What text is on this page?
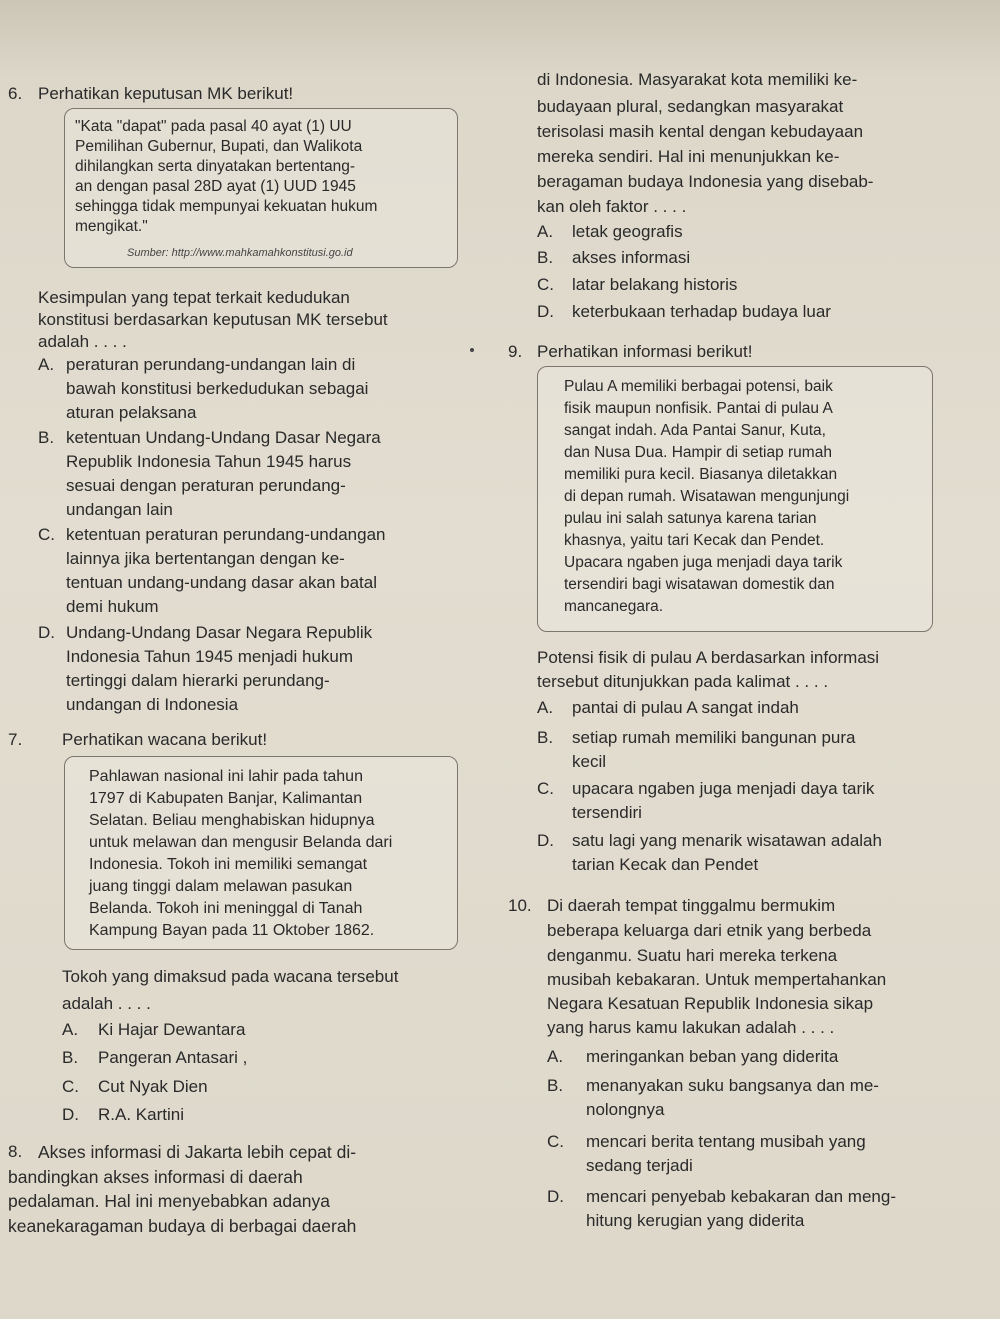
6. Perhatikan keputusan MK berikut!
"Kata "dapat" pada pasal 40 ayat (1) UU
Pemilihan Gubernur, Bupati, dan Walikota
dihilangkan serta dinyatakan bertentang-
an dengan pasal 28D ayat (1) UUD 1945
sehingga tidak mempunyai kekuatan hukum
mengikat."
Sumber: http://www.mahkamahkonstitusi.go.id
Kesimpulan yang tepat terkait kedudukan
konstitusi berdasarkan keputusan MK tersebut
adalah . . . .
A. peraturan perundang-undangan lain di
bawah konstitusi berkedudukan sebagai
aturan pelaksana
B. ketentuan Undang-Undang Dasar Negara
Republik Indonesia Tahun 1945 harus
sesuai dengan peraturan perundang-
undangan lain
C. ketentuan peraturan perundang-undangan
lainnya jika bertentangan dengan ke-
tentuan undang-undang dasar akan batal
demi hukum
D. Undang-Undang Dasar Negara Republik
Indonesia Tahun 1945 menjadi hukum
tertinggi dalam hierarki perundang-
undangan di Indonesia
7. Perhatikan wacana berikut!
Pahlawan nasional ini lahir pada tahun
1797 di Kabupaten Banjar, Kalimantan
Selatan. Beliau menghabiskan hidupnya
untuk melawan dan mengusir Belanda dari
Indonesia. Tokoh ini memiliki semangat
juang tinggi dalam melawan pasukan
Belanda. Tokoh ini meninggal di Tanah
Kampung Bayan pada 11 Oktober 1862.
Tokoh yang dimaksud pada wacana tersebut
adalah . . . .
A. Ki Hajar Dewantara
B. Pangeran Antasari ,
C. Cut Nyak Dien
D. R.A. Kartini
8. Akses informasi di Jakarta lebih cepat di-
bandingkan akses informasi di daerah
pedalaman. Hal ini menyebabkan adanya
keanekaragaman budaya di berbagai daerah
di Indonesia. Masyarakat kota memiliki ke-
budayaan plural, sedangkan masyarakat
terisolasi masih kental dengan kebudayaan
mereka sendiri. Hal ini menunjukkan ke-
beragaman budaya Indonesia yang disebab-
kan oleh faktor . . . .
A. letak geografis
B. akses informasi
C. latar belakang historis
D. keterbukaan terhadap budaya luar
9. Perhatikan informasi berikut!
Pulau A memiliki berbagai potensi, baik
fisik maupun nonfisik. Pantai di pulau A
sangat indah. Ada Pantai Sanur, Kuta,
dan Nusa Dua. Hampir di setiap rumah
memiliki pura kecil. Biasanya diletakkan
di depan rumah. Wisatawan mengunjungi
pulau ini salah satunya karena tarian
khasnya, yaitu tari Kecak dan Pendet.
Upacara ngaben juga menjadi daya tarik
tersendiri bagi wisatawan domestik dan
mancanegara.
Potensi fisik di pulau A berdasarkan informasi
tersebut ditunjukkan pada kalimat . . . .
A. pantai di pulau A sangat indah
B. setiap rumah memiliki bangunan pura
kecil
C. upacara ngaben juga menjadi daya tarik
tersendiri
D. satu lagi yang menarik wisatawan adalah
tarian Kecak dan Pendet
10. Di daerah tempat tinggalmu bermukim
beberapa keluarga dari etnik yang berbeda
denganmu. Suatu hari mereka terkena
musibah kebakaran. Untuk mempertahankan
Negara Kesatuan Republik Indonesia sikap
yang harus kamu lakukan adalah . . . .
A. meringankan beban yang diderita
B. menanyakan suku bangsanya dan me-
nolongnya
C. mencari berita tentang musibah yang
sedang terjadi
D. mencari penyebab kebakaran dan meng-
hitung kerugian yang diderita
